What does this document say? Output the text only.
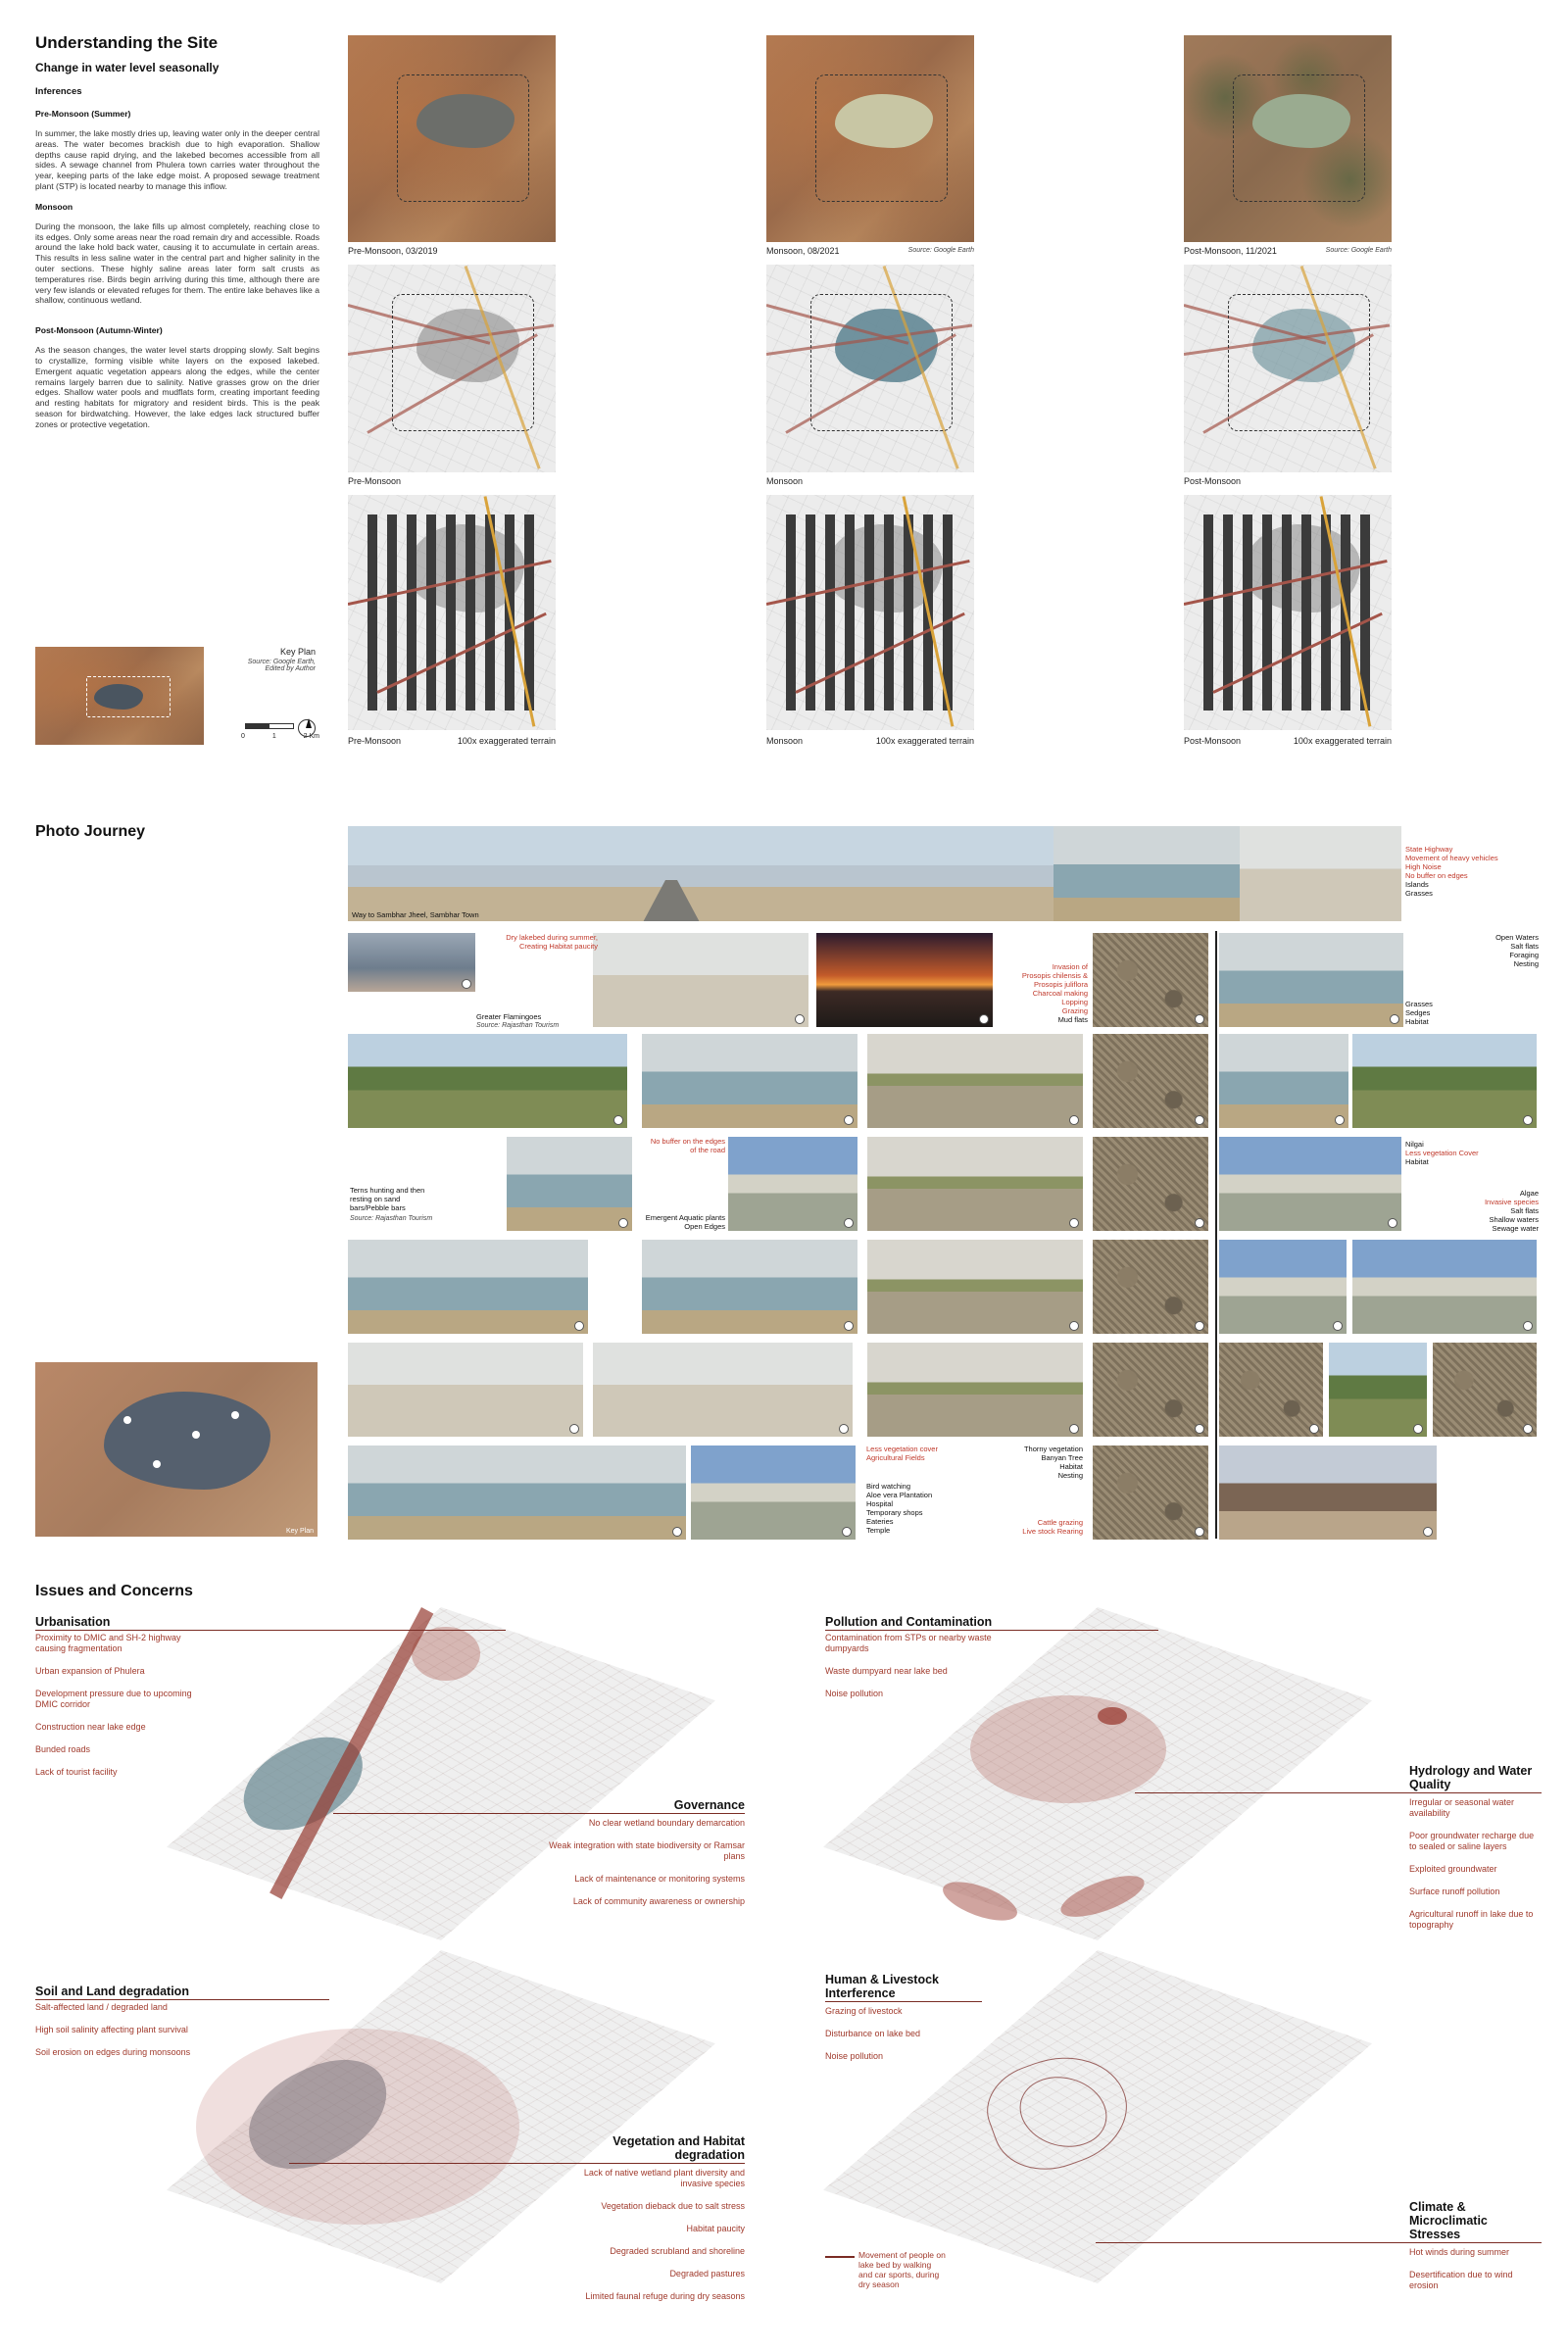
Understanding the Site
Change in water level seasonally
Inferences
Pre-Monsoon (Summer)
In summer, the lake mostly dries up, leaving water only in the deeper central areas. The water becomes brackish due to high evaporation. Shallow depths cause rapid drying, and the lakebed becomes accessible from all sides. A sewage channel from Phulera town carries water throughout the year, keeping parts of the lake edge moist. A proposed sewage treatment plant (STP) is located nearby to manage this inflow.
Monsoon
During the monsoon, the lake fills up almost completely, reaching close to its edges. Only some areas near the road remain dry and accessible. Roads around the lake hold back water, causing it to accumulate in certain areas. This results in less saline water in the central part and higher salinity in the outer sections. These highly saline areas later form salt crusts as temperatures rise. Birds begin arriving during this time, although there are very few islands or elevated refuges for them. The entire lake behaves like a shallow, continuous wetland.
Post-Monsoon (Autumn-Winter)
As the season changes, the water level starts dropping slowly. Salt begins to crystallize, forming visible white layers on the exposed lakebed. Emergent aquatic vegetation appears along the edges, while the center remains largely barren due to salinity. Native grasses grow on the drier edges. Shallow water pools and mudflats form, creating important feeding and resting habitats for migratory and resident birds. This is the peak season for birdwatching. However, the lake edges lack structured buffer zones or protective vegetation.
Key Plan
Source: Google Earth, Edited by Author
0	1	2 Km
Pre-Monsoon, 03/2019
Pre-Monsoon
Pre-Monsoon	100x exaggerated terrain
Monsoon, 08/2021	Source: Google Earth
Monsoon
Monsoon	100x exaggerated terrain
Post-Monsoon, 11/2021	Source: Google Earth
Post-Monsoon
Post-Monsoon	100x exaggerated terrain
Photo Journey
Key Plan
Way to Sambhar Jheel, Sambhar Town
State Highway
Movement of heavy vehicles
High Noise
No buffer on edges
Islands
Grasses
Dry lakebed during summer, Creating Habitat paucity
Greater Flamingoes
Source: Rajasthan Tourism
Invasion of
Prosopis chilensis &
Prosopis juliflora
Charcoal making
Lopping
Grazing
Mud flats
Open Waters
Salt flats
Foraging
Nesting
Grasses
Sedges
Habitat
No buffer on the edges of the road
Terns hunting and then resting on sand bars/Pebble bars
Source: Rajasthan Tourism	Emergent Aquatic plants
Open Edges
Nilgai
Less vegetation Cover
Habitat
Algae
Invasive species
Salt flats
Shallow waters
Sewage water
Less vegetation cover
Agricultural Fields
Bird watching
Aloe vera Plantation
Hospital
Temporary shops
Eateries
Temple
Thorny vegetation
Banyan Tree
Habitat
Nesting
Cattle grazing
Live stock Rearing
Issues and Concerns
Urbanisation
Proximity to DMIC and SH-2 highway causing fragmentation
Urban expansion of Phulera
Development pressure due to upcoming DMIC corridor
Construction near lake edge
Bunded roads
Lack of tourist facility
Governance
No clear wetland boundary demarcation
Weak integration with state biodiversity or Ramsar plans
Lack of maintenance or monitoring systems
Lack of community awareness or ownership
Pollution and Contamination
Contamination from STPs or nearby waste dumpyards
Waste dumpyard near lake bed
Noise pollution
Hydrology and Water Quality
Irregular or seasonal water availability
Poor groundwater recharge due to sealed or saline layers
Exploited groundwater
Surface runoff pollution
Agricultural runoff in lake due to topography
Soil and Land degradation
Salt-affected land / degraded land
High soil salinity affecting plant survival
Soil erosion on edges during monsoons
Vegetation and Habitat degradation
Lack of native wetland plant diversity and invasive species
Vegetation dieback due to salt stress
Habitat paucity
Degraded scrubland and shoreline
Degraded pastures
Limited faunal refuge during dry seasons
Human & Livestock Interference
Grazing of livestock
Disturbance on lake bed
Noise pollution
Climate & Microclimatic Stresses
Hot winds during summer
Desertification due to wind erosion
Movement of people on lake bed by walking and car sports, during dry season
